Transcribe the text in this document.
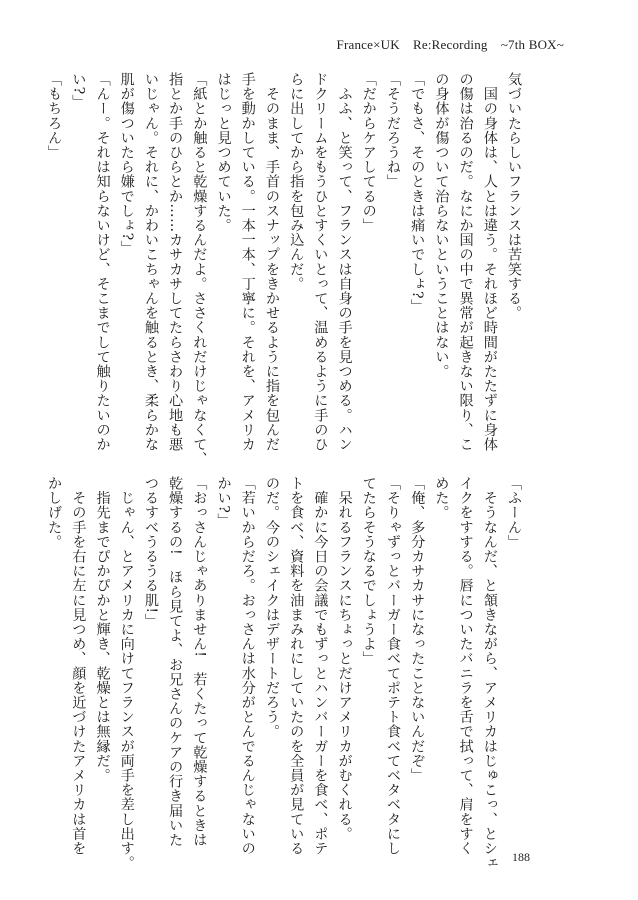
France×UK　Re:Recording　~7th BOX~
気づいたらしいフランスは苦笑する。
　国の身体は、人とは違う。それほど時間がたたずに身体
の傷は治るのだ。なにか国の中で異常が起きない限り、こ
の身体が傷ついて治らないということはない。
「でもさ、そのときは痛いでしょ?」
「そうだろうね」
「だからケアしてるの」
　ふふ、と笑って、フランスは自身の手を見つめる。ハン
ドクリームをもうひとすくいとって、温めるように手のひ
らに出してから指を包み込んだ。
　そのまま、手首のスナップをきかせるように指を包んだ
手を動かしている。一本一本、丁寧に。それを、アメリカ
はじっと見つめていた。
「紙とか触ると乾燥するんだよ。ささくれだけじゃなくて、
指とか手のひらとか……カサカサしてたらさわり心地も悪
いじゃん。それに、かわいこちゃんを触るとき、柔らかな
肌が傷ついたら嫌でしょ?」
「んー。それは知らないけど、そこまでして触りたいのか
い?」
「もちろん」
「ふーん」
　そうなんだ、と頷きながら、アメリカはじゅこっ、とシェ
イクをすする。唇についたバニラを舌で拭って、肩をすく
めた。
「俺、多分カサカサになったことないんだぞ」
「そりゃずっとバーガー食べてポテト食べてベタベタにし
てたらそうなるでしょうよ」
　呆れるフランスにちょっとだけアメリカがむくれる。
　確かに今日の会議でもずっとハンバーガーを食べ、ポテ
トを食べ、資料を油まみれにしていたのを全員が見ている
のだ。今のシェイクはデザートだろう。
「若いからだろ。おっさんは水分がとんでるんじゃないの
かい?」
「おっさんじゃありません!　若くたって乾燥するときは
乾燥するの!　ほら見てよ、お兄さんのケアの行き届いた
つるすべうるうる肌!」
　じゃん、とアメリカに向けてフランスが両手を差し出す。
　指先までぴかぴかと輝き、乾燥とは無縁だ。
　その手を右に左に見つめ、顔を近づけたアメリカは首を
かしげた。
188
